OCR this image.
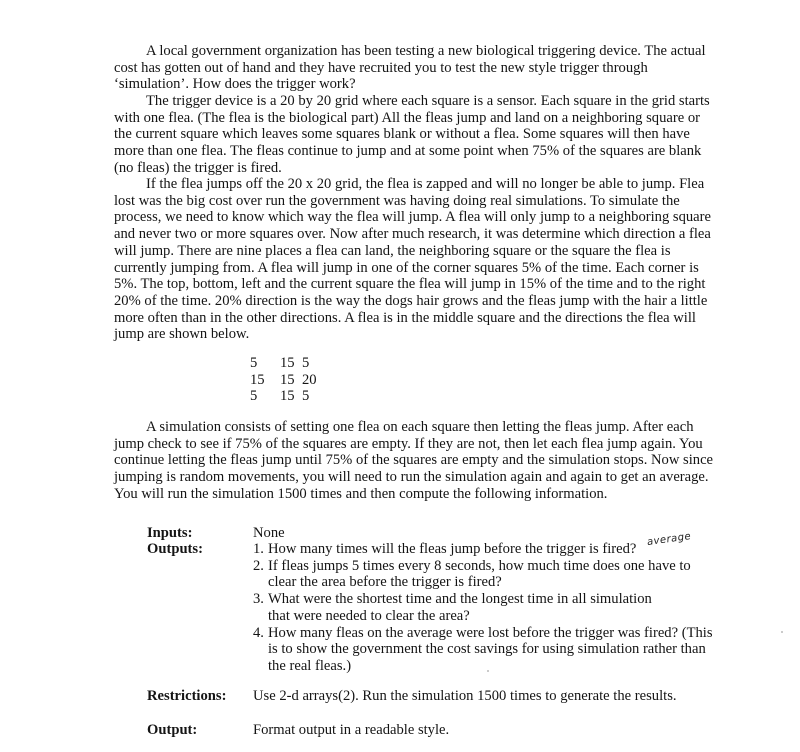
A local government organization has been testing a new biological triggering device. The actual
cost has gotten out of hand and they have recruited you to test the new style trigger through
‘simulation’. How does the trigger work?
The trigger device is a 20 by 20 grid where each square is a sensor. Each square in the grid starts
with one flea. (The flea is the biological part) All the fleas jump and land on a neighboring square or
the current square which leaves some squares blank or without a flea. Some squares will then have
more than one flea. The fleas continue to jump and at some point when 75% of the squares are blank
(no fleas) the trigger is fired.
If the flea jumps off the 20 x 20 grid, the flea is zapped and will no longer be able to jump. Flea
lost was the big cost over run the government was having doing real simulations. To simulate the
process, we need to know which way the flea will jump. A flea will only jump to a neighboring square
and never two or more squares over. Now after much research, it was determine which direction a flea
will jump. There are nine places a flea can land, the neighboring square or the square the flea is
currently jumping from. A flea will jump in one of the corner squares 5% of the time. Each corner is
5%. The top, bottom, left and the current square the flea will jump in 15% of the time and to the right
20% of the time. 20% direction is the way the dogs hair grows and the fleas jump with the hair a little
more often than in the other directions. A flea is in the middle square and the directions the flea will
jump are shown below.
5 15 5
15 15 20
5 15 5
A simulation consists of setting one flea on each square then letting the fleas jump. After each
jump check to see if 75% of the squares are empty. If they are not, then let each flea jump again. You
continue letting the fleas jump until 75% of the squares are empty and the simulation stops. Now since
jumping is random movements, you will need to run the simulation again and again to get an average.
You will run the simulation 1500 times and then compute the following information.
Inputs:	None
Outputs:	1. How many times will the fleas jump before the trigger is fired?
2. If fleas jumps 5 times every 8 seconds, how much time does one have to
clear the area before the trigger is fired?
3. What were the shortest time and the longest time in all simulation
that were needed to clear the area?
4. How many fleas on the average were lost before the trigger was fired? (This
is to show the government the cost savings for using simulation rather than
the real fleas.)
average
Restrictions: Use 2-d arrays(2). Run the simulation 1500 times to generate the results.
Output:	Format output in a readable style.
